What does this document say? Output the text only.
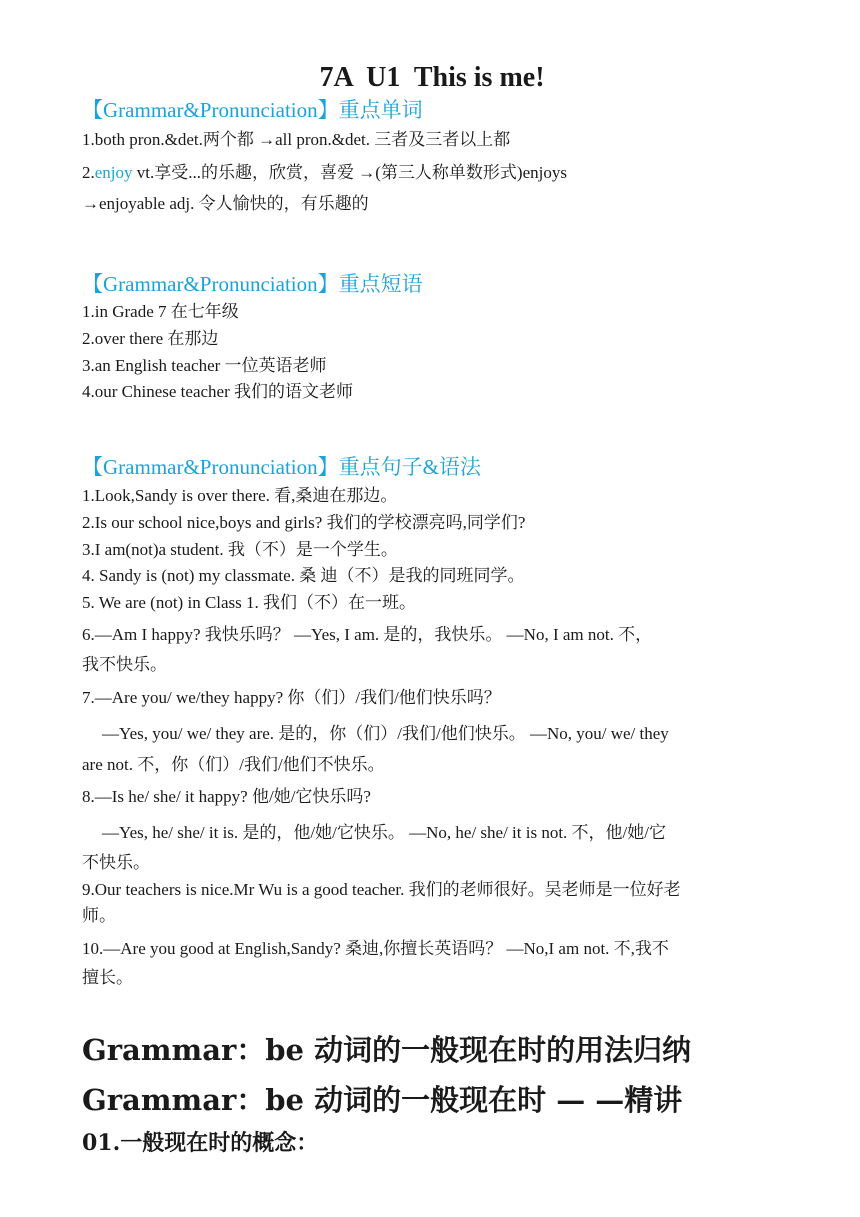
7A  U1  This is me!
【Grammar&Pronunciation】重点单词
1.both pron.&det.两个都 →all pron.&det. 三者及三者以上都
2.enjoy vt.享受...的乐趣，欣赏，喜爱 →(第三人称单数形式)enjoys
→enjoyable adj. 令人愉快的，有乐趣的
【Grammar&Pronunciation】重点短语
1.in Grade 7 在七年级
2.over there 在那边
3.an English teacher 一位英语老师
4.our Chinese teacher 我们的语文老师
【Grammar&Pronunciation】重点句子&语法
1.Look,Sandy is over there. 看,桑迪在那边。
2.Is our school nice,boys and girls? 我们的学校漂亮吗,同学们?
3.I am(not)a student. 我（不）是一个学生。
4. Sandy is (not) my classmate. 桑 迪（不）是我的同班同学。
5. We are (not) in Class 1. 我们（不）在一班。
6.—Am I happy? 我快乐吗？ —Yes, I am. 是的，我快乐。 —No, I am not. 不，
我不快乐。
7.—Are you/ we/they happy? 你（们）/我们/他们快乐吗？
—Yes, you/ we/ they are. 是的，你（们）/我们/他们快乐。 —No, you/ we/ they
are not. 不，你（们）/我们/他们不快乐。
8.—Is he/ she/ it happy? 他/她/它快乐吗?
—Yes, he/ she/ it is. 是的，他/她/它快乐。 —No, he/ she/ it is not. 不，他/她/它
不快乐。
9.Our teachers is nice.Mr Wu is a good teacher. 我们的老师很好。吴老师是一位好老
师。
10.—Are you good at English,Sandy? 桑迪,你擅长英语吗？ —No,I am not. 不,我不
擅长。
Grammar：be 动词的一般现在时的用法归纳
Grammar：be 动词的一般现在时 — —精讲
01.一般现在时的概念：
